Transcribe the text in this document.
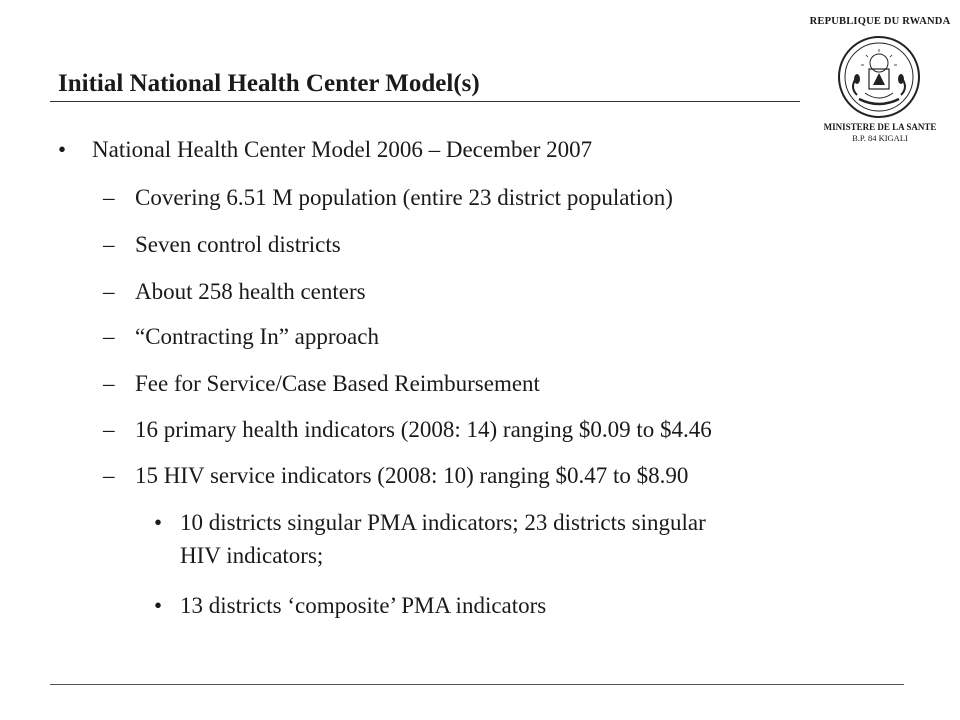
Initial National Health Center Model(s)
REPUBLIQUE DU RWANDA
MINISTERE DE LA SANTE
B.P. 84 KIGALI
• National Health Center Model 2006 – December 2007
– Covering 6.51 M population (entire 23 district population)
– Seven control districts
– About 258 health centers
– “Contracting In” approach
– Fee for Service/Case Based Reimbursement
– 16 primary health indicators (2008: 14) ranging $0.09 to $4.46
– 15 HIV service indicators (2008: 10) ranging $0.47 to $8.90
• 10 districts singular PMA indicators; 23 districts singular
HIV indicators;
• 13 districts ‘composite’ PMA indicators
